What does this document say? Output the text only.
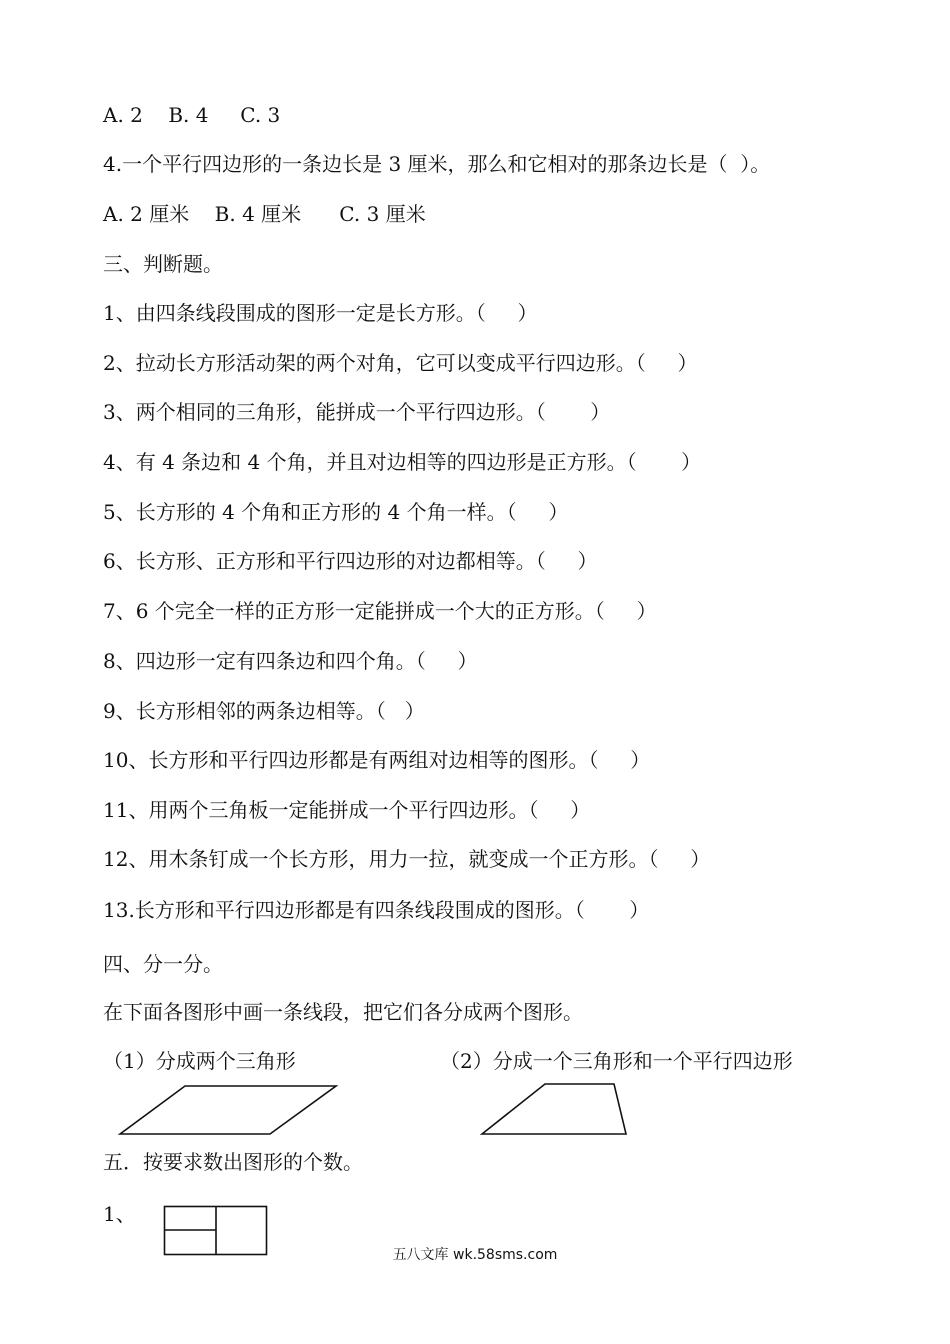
A. 2    B. 4     C. 3
4.一个平行四边形的一条边长是 3 厘米，那么和它相对的那条边长是（  ）。
A. 2 厘米    B. 4 厘米      C. 3 厘米
三、判断题。
1、由四条线段围成的图形一定是长方形。（     ）
2、拉动长方形活动架的两个对角，它可以变成平行四边形。（     ）
3、两个相同的三角形，能拼成一个平行四边形。（       ）
4、有 4 条边和 4 个角，并且对边相等的四边形是正方形。（       ）
5、长方形的 4 个角和正方形的 4 个角一样。（     ）
6、长方形、正方形和平行四边形的对边都相等。（     ）
7、6 个完全一样的正方形一定能拼成一个大的正方形。（     ）
8、四边形一定有四条边和四个角。（     ）
9、长方形相邻的两条边相等。（   ）
10、长方形和平行四边形都是有两组对边相等的图形。（     ）
11、用两个三角板一定能拼成一个平行四边形。（     ）
12、用木条钉成一个长方形，用力一拉，就变成一个正方形。（     ）
13.长方形和平行四边形都是有四条线段围成的图形。（       ）
四、分一分。
在下面各图形中画一条线段，把它们各分成两个图形。
（1）分成两个三角形	（2）分成一个三角形和一个平行四边形
五．按要求数出图形的个数。
1、
五八文库 wk.58sms.com
